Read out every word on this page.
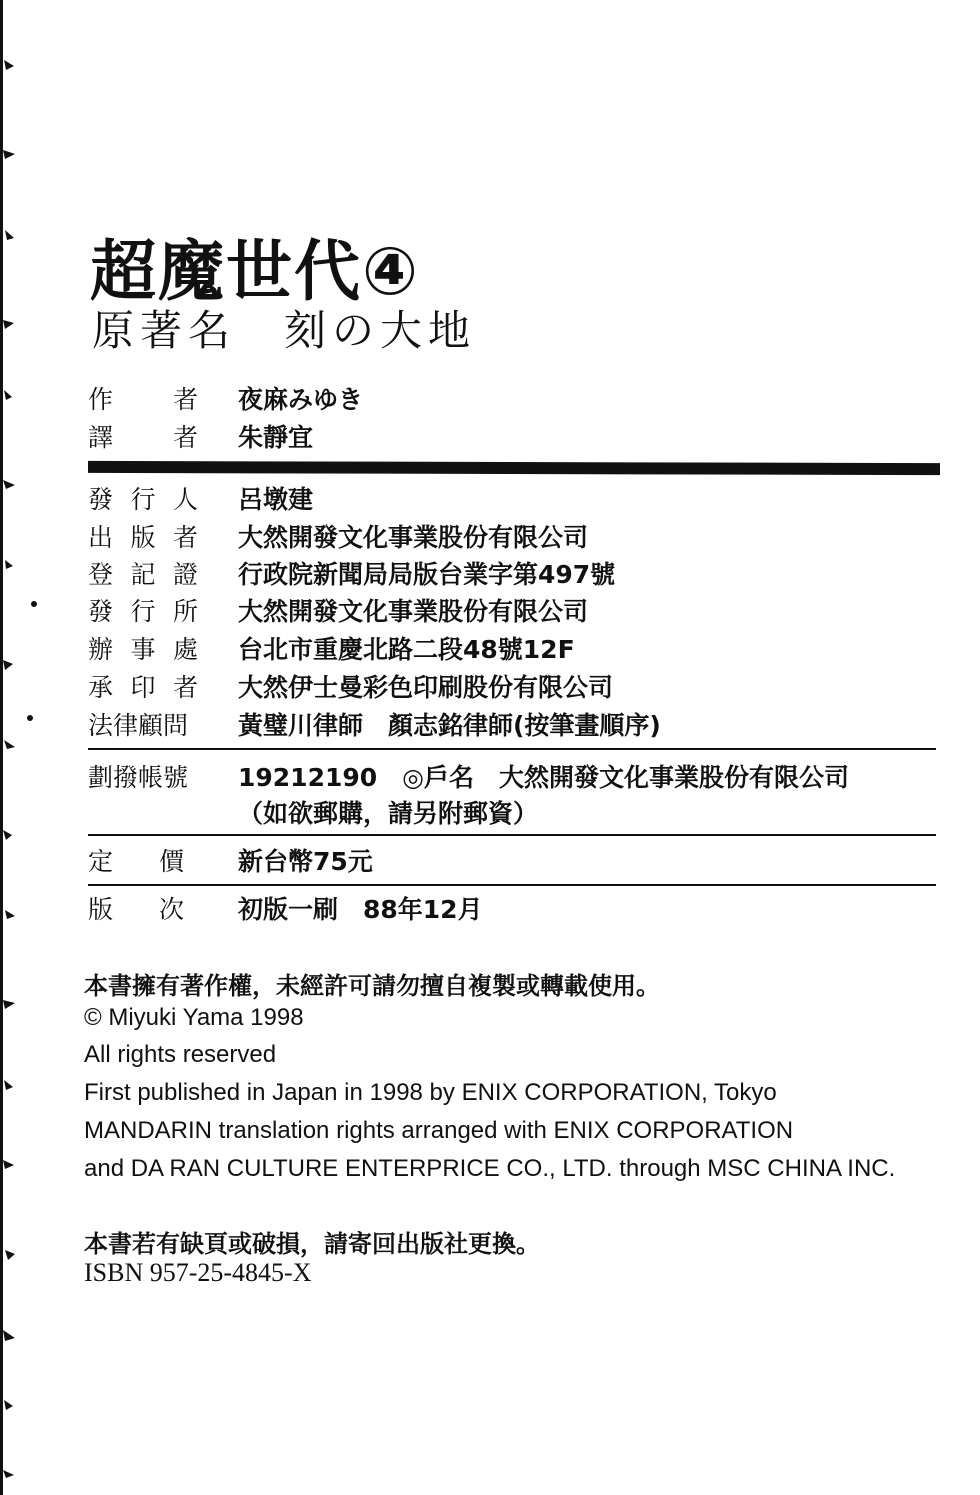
超魔世代④
原著名　刻の大地
作 者 夜麻みゆき
譯 者 朱靜宜
發 行 人 呂墩建
出 版 者 大然開發文化事業股份有限公司
登 記 證 行政院新聞局局版台業字第497號
發 行 所 大然開發文化事業股份有限公司
辦 事 處 台北市重慶北路二段48號12F
承 印 者 大然伊士曼彩色印刷股份有限公司
法律顧問 黃璧川律師　顏志銘律師(按筆畫順序)
劃撥帳號 19212190　◎戶名　大然開發文化事業股份有限公司
（如欲郵購，請另附郵資）
定 價 新台幣75元
版 次 初版一刷　88年12月
本書擁有著作權，未經許可請勿擅自複製或轉載使用。
© Miyuki Yama 1998
All rights reserved
First published in Japan in 1998 by ENIX CORPORATION, Tokyo
MANDARIN translation rights arranged with ENIX CORPORATION
and DA RAN CULTURE ENTERPRICE CO., LTD. through MSC CHINA INC.
本書若有缺頁或破損，請寄回出版社更換。
ISBN 957-25-4845-X
